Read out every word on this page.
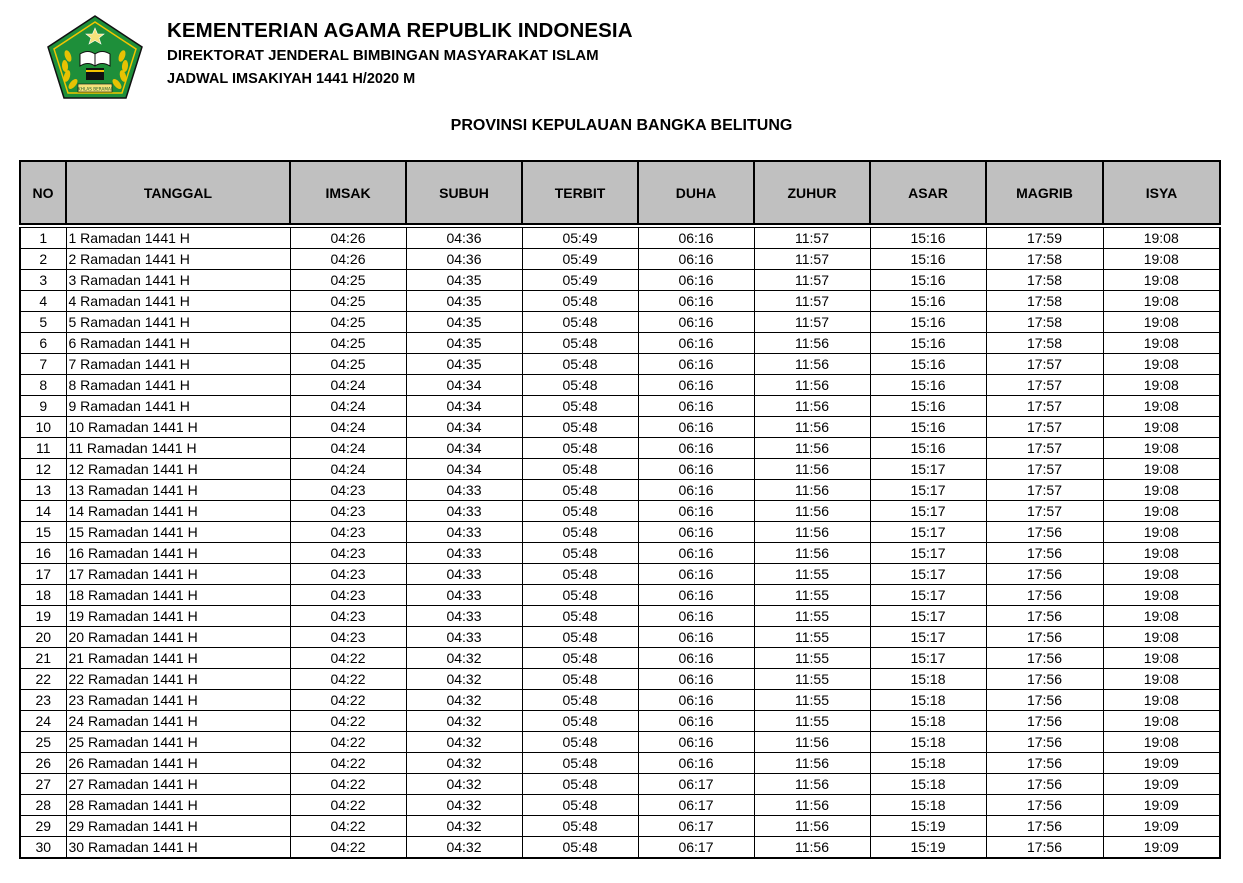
IKHLAS BERAMAL
KEMENTERIAN AGAMA REPUBLIK INDONESIA
DIREKTORAT JENDERAL BIMBINGAN MASYARAKAT ISLAM
JADWAL IMSAKIYAH 1441 H/2020 M
PROVINSI KEPULAUAN BANGKA BELITUNG
NO	TANGGAL	IMSAK	SUBUH	TERBIT	DUHA	ZUHUR	ASAR	MAGRIB	ISYA

1	1 Ramadan 1441 H	04:26	04:36	05:49	06:16	11:57	15:16	17:59	19:08
2	2 Ramadan 1441 H	04:26	04:36	05:49	06:16	11:57	15:16	17:58	19:08
3	3 Ramadan 1441 H	04:25	04:35	05:49	06:16	11:57	15:16	17:58	19:08
4	4 Ramadan 1441 H	04:25	04:35	05:48	06:16	11:57	15:16	17:58	19:08
5	5 Ramadan 1441 H	04:25	04:35	05:48	06:16	11:57	15:16	17:58	19:08
6	6 Ramadan 1441 H	04:25	04:35	05:48	06:16	11:56	15:16	17:58	19:08
7	7 Ramadan 1441 H	04:25	04:35	05:48	06:16	11:56	15:16	17:57	19:08
8	8 Ramadan 1441 H	04:24	04:34	05:48	06:16	11:56	15:16	17:57	19:08
9	9 Ramadan 1441 H	04:24	04:34	05:48	06:16	11:56	15:16	17:57	19:08
10	10 Ramadan 1441 H	04:24	04:34	05:48	06:16	11:56	15:16	17:57	19:08
11	11 Ramadan 1441 H	04:24	04:34	05:48	06:16	11:56	15:16	17:57	19:08
12	12 Ramadan 1441 H	04:24	04:34	05:48	06:16	11:56	15:17	17:57	19:08
13	13 Ramadan 1441 H	04:23	04:33	05:48	06:16	11:56	15:17	17:57	19:08
14	14 Ramadan 1441 H	04:23	04:33	05:48	06:16	11:56	15:17	17:57	19:08
15	15 Ramadan 1441 H	04:23	04:33	05:48	06:16	11:56	15:17	17:56	19:08
16	16 Ramadan 1441 H	04:23	04:33	05:48	06:16	11:56	15:17	17:56	19:08
17	17 Ramadan 1441 H	04:23	04:33	05:48	06:16	11:55	15:17	17:56	19:08
18	18 Ramadan 1441 H	04:23	04:33	05:48	06:16	11:55	15:17	17:56	19:08
19	19 Ramadan 1441 H	04:23	04:33	05:48	06:16	11:55	15:17	17:56	19:08
20	20 Ramadan 1441 H	04:23	04:33	05:48	06:16	11:55	15:17	17:56	19:08
21	21 Ramadan 1441 H	04:22	04:32	05:48	06:16	11:55	15:17	17:56	19:08
22	22 Ramadan 1441 H	04:22	04:32	05:48	06:16	11:55	15:18	17:56	19:08
23	23 Ramadan 1441 H	04:22	04:32	05:48	06:16	11:55	15:18	17:56	19:08
24	24 Ramadan 1441 H	04:22	04:32	05:48	06:16	11:55	15:18	17:56	19:08
25	25 Ramadan 1441 H	04:22	04:32	05:48	06:16	11:56	15:18	17:56	19:08
26	26 Ramadan 1441 H	04:22	04:32	05:48	06:16	11:56	15:18	17:56	19:09
27	27 Ramadan 1441 H	04:22	04:32	05:48	06:17	11:56	15:18	17:56	19:09
28	28 Ramadan 1441 H	04:22	04:32	05:48	06:17	11:56	15:18	17:56	19:09
29	29 Ramadan 1441 H	04:22	04:32	05:48	06:17	11:56	15:19	17:56	19:09
30	30 Ramadan 1441 H	04:22	04:32	05:48	06:17	11:56	15:19	17:56	19:09
